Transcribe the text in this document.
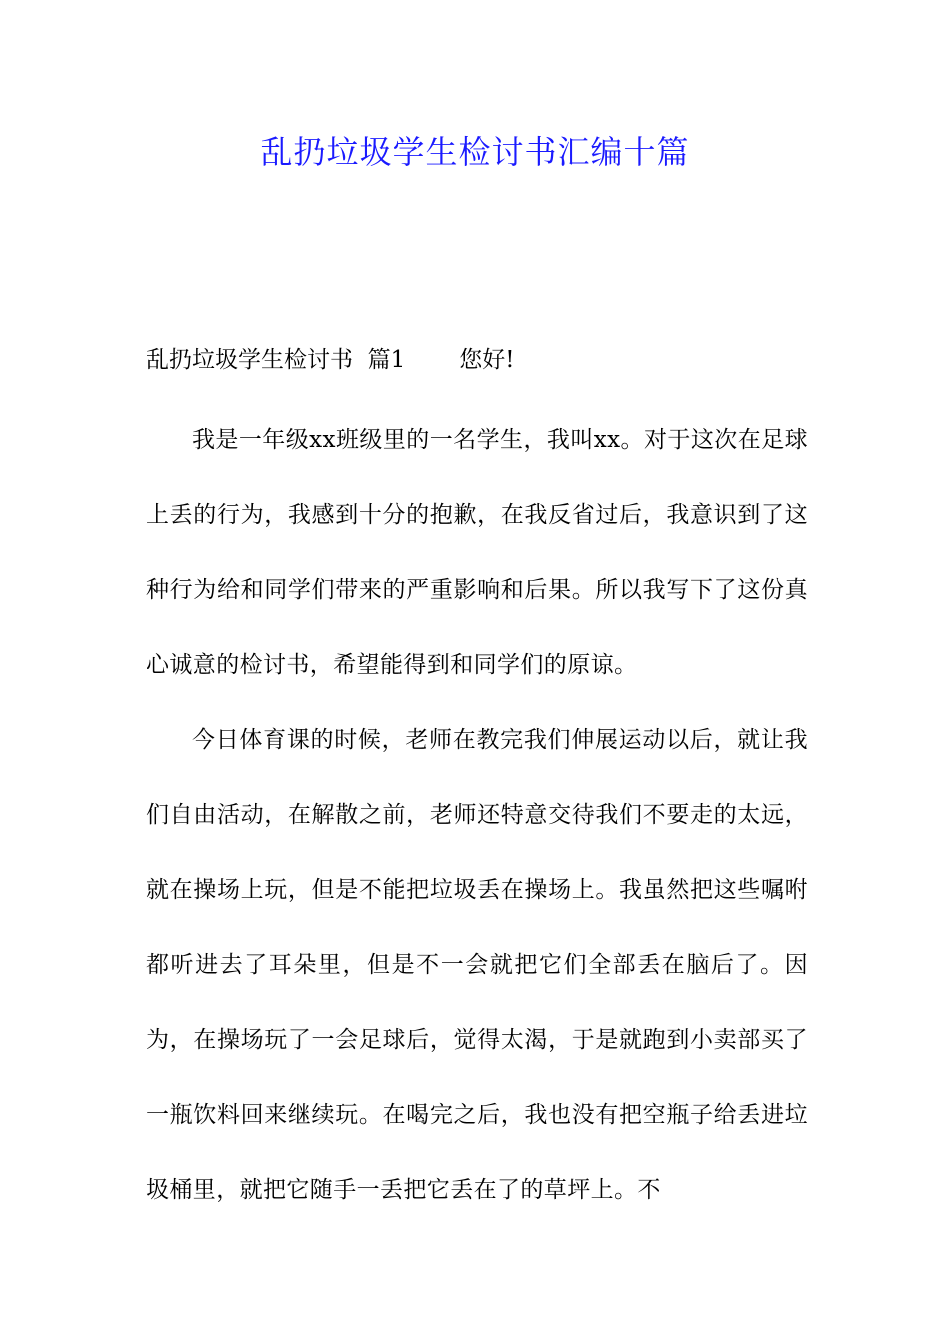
乱扔垃圾学生检讨书汇编十篇

乱扔垃圾学生检讨书  篇1 您好!

我是一年级xx班级里的一名学生，我叫xx。对于这次在足球上丢的行为，我感到十分的抱歉，在我反省过后，我意识到了这种行为给和同学们带来的严重影响和后果。所以我写下了这份真心诚意的检讨书，希望能得到和同学们的原谅。

今日体育课的时候，老师在教完我们伸展运动以后，就让我们自由活动，在解散之前，老师还特意交待我们不要走的太远，就在操场上玩，但是不能把垃圾丢在操场上。我虽然把这些嘱咐都听进去了耳朵里，但是不一会就把它们全部丢在脑后了。因为，在操场玩了一会足球后，觉得太渴，于是就跑到小卖部买了一瓶饮料回来继续玩。在喝完之后，我也没有把空瓶子给丢进垃圾桶里，就把它随手一丢把它丢在了的草坪上。不
